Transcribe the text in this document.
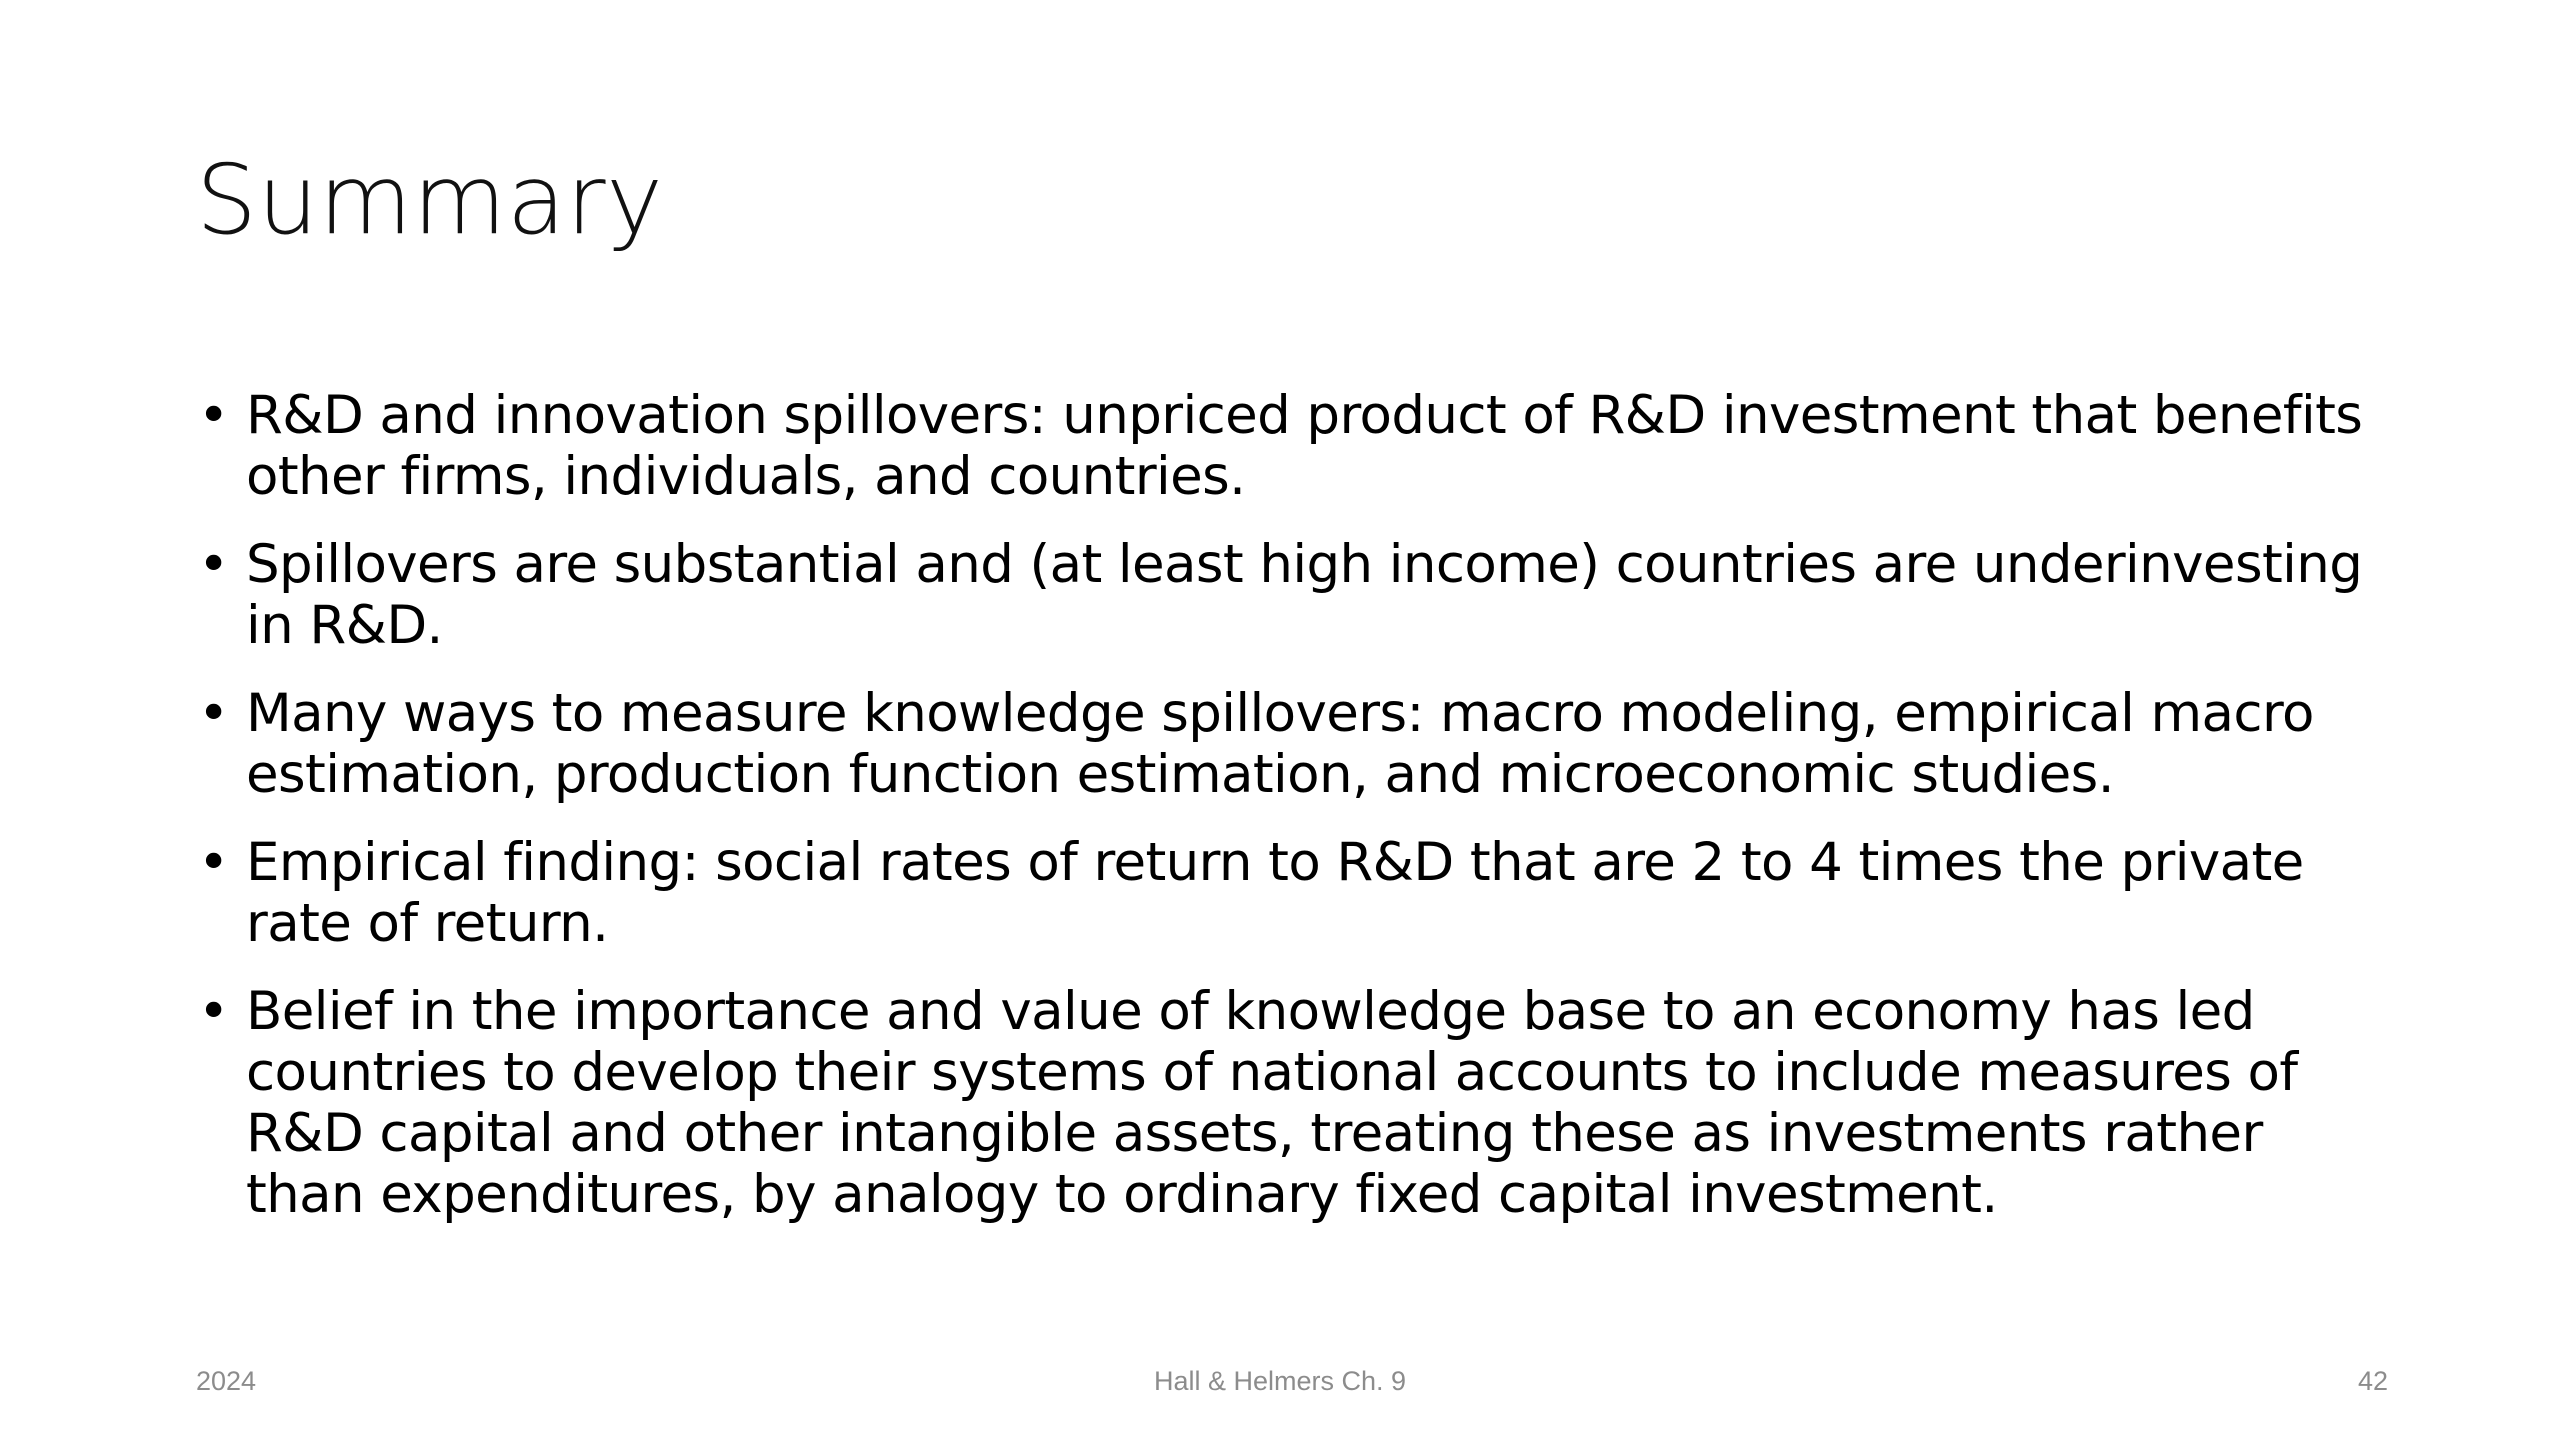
Summary
• R&D and innovation spillovers: unpriced product of R&D investment that benefits other firms, individuals, and countries.
• Spillovers are substantial and (at least high income) countries are underinvesting in R&D.
• Many ways to measure knowledge spillovers: macro modeling, empirical macro estimation, production function estimation, and microeconomic studies.
• Empirical finding: social rates of return to R&D that are 2 to 4 times the private rate of return.
• Belief in the importance and value of knowledge base to an economy has led countries to develop their systems of national accounts to include measures of R&D capital and other intangible assets, treating these as investments rather than expenditures, by analogy to ordinary fixed capital investment.
2024	Hall & Helmers Ch. 9	42
